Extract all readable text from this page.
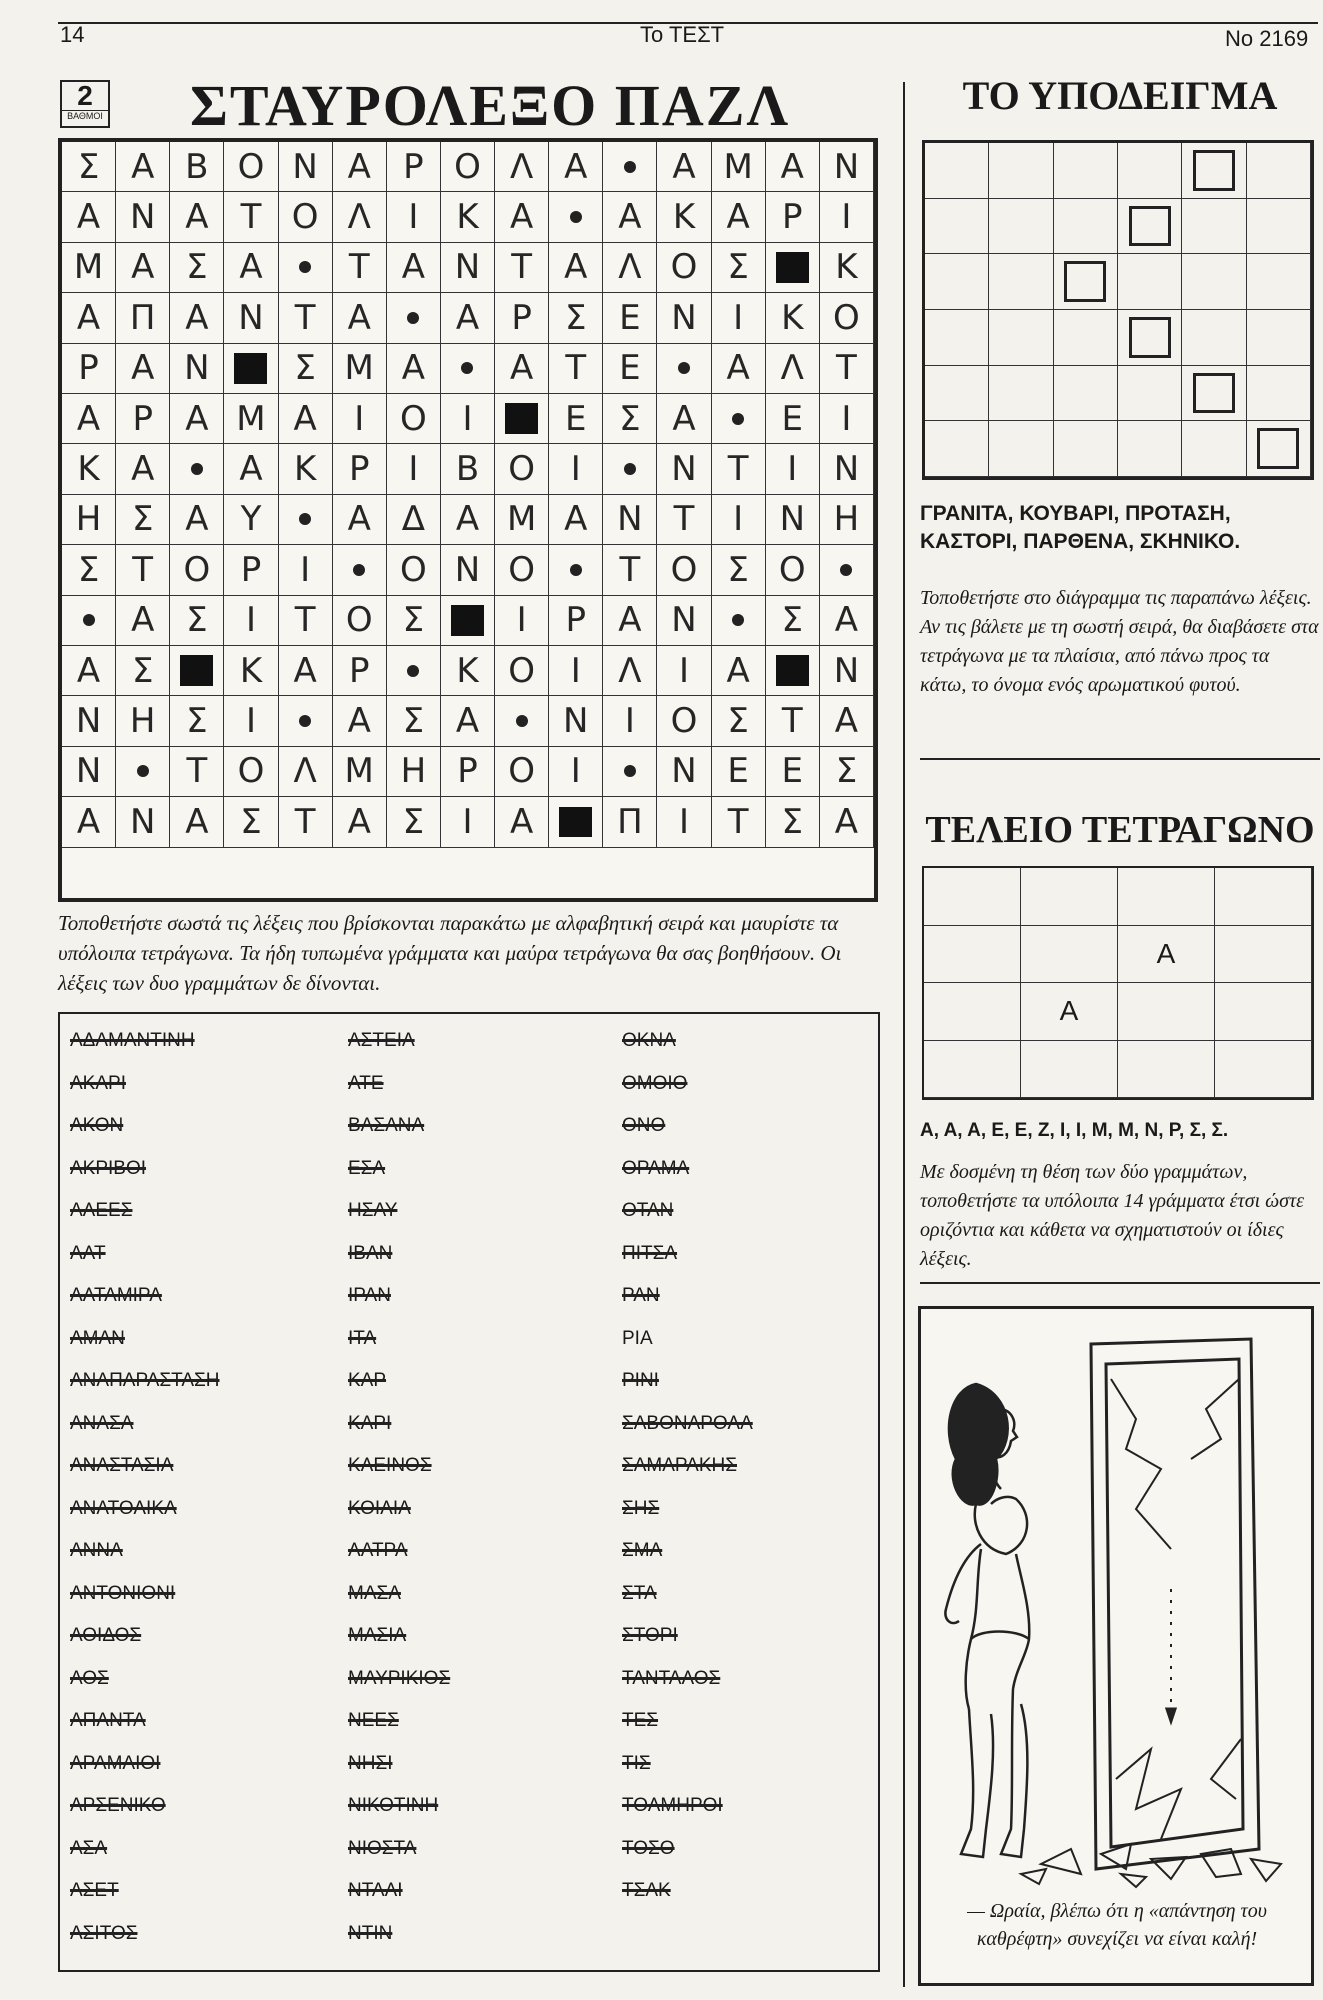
14	Το ΤΕΣΤ	No 2169
2
ΒΑΘΜΟΙ ΣΤΑΥΡΟΛΕΞΟ ΠΑΖΛ
Σ Α Β Ο Ν Α Ρ Ο Λ Α	Α Μ Α Ν
Α Ν Α Τ Ο Λ	Ι	Κ Α	Α Κ Α Ρ	Ι
Μ Α Σ Α	Τ Α Ν Τ Α Λ Ο Σ	Κ
Α Π Α Ν Τ Α	Α Ρ Σ Ε Ν	Ι	Κ Ο
Ρ Α Ν	Σ Μ Α	Α Τ Ε	Α Λ Τ
Α Ρ Α Μ Α	Ι	Ο	Ι	Ε Σ Α	Ε	Ι
Κ Α	Α Κ Ρ	Ι	Β Ο	Ι	Ν Τ	Ι	Ν
Η Σ Α Υ	Α Δ Α Μ Α Ν Τ	Ι	Ν Η
Σ Τ Ο Ρ	Ι	Ο Ν Ο	Τ Ο Σ Ο
Α Σ	Ι	Τ Ο Σ	Ι	Ρ Α Ν	Σ Α
Α Σ	Κ Α Ρ	Κ Ο	Ι	Λ	Ι	Α	Ν
Ν Η Σ	Ι	Α Σ Α	Ν	Ι	Ο Σ Τ Α
Ν	Τ Ο Λ Μ Η Ρ Ο	Ι	Ν Ε Ε Σ
Α Ν Α Σ Τ Α Σ	Ι	Α	Π	Ι	Τ Σ Α
Τοποθετήστε σωστά τις λέξεις που βρίσκονται παρακάτω με αλφαβητική σειρά και μαυρίστε τα υπόλοιπα τετράγωνα. Τα ήδη τυπωμένα γράμματα και μαύρα τετράγωνα θα σας βοηθήσουν. Οι λέξεις των δυο γραμμάτων δε δίνονται.
ΑΔΑΜΑΝΤΙΝΗ
ΑΚΑΡΙ
ΑΚΟΝ
ΑΚΡΙΒΟΙ
ΑΛΕΕΣ
ΑΛΤ
ΑΛΤΑΜΙΡΑ
ΑΜΑΝ
ΑΝΑΠΑΡΑΣΤΑΣΗ
ΑΝΑΣΑ
ΑΝΑΣΤΑΣΙΑ
ΑΝΑΤΟΛΙΚΑ
ΑΝΝΑ
ΑΝΤΟΝΙΟΝΙ
ΑΟΙΔΟΣ
ΑΟΣ
ΑΠΑΝΤΑ
ΑΡΑΜΑΙΟΙ
ΑΡΣΕΝΙΚΟ
ΑΣΑ
ΑΣΕΤ
ΑΣΙΤΟΣ
ΑΣΤΕΙΑ
ΑΤΕ
ΒΑΣΑΝΑ
ΕΣΑ
ΗΣΑΥ
ΙΒΑΝ
ΙΡΑΝ
ΙΤΑ
ΚΑΡ
ΚΑΡΙ
ΚΛΕΙΝΟΣ
ΚΟΙΛΙΑ
ΛΑΤΡΑ
ΜΑΣΑ
ΜΑΣΙΑ
ΜΑΥΡΙΚΙΟΣ
ΝΕΕΣ
ΝΗΣΙ
ΝΙΚΟΤΙΝΗ
ΝΙΟΣΤΑ
ΝΤΑΛΙ
ΝΤΙΝ
ΟΚΝΑ
ΟΜΟΙΟ
ΟΝΟ
ΟΡΑΜΑ
ΟΤΑΝ
ΠΙΤΣΑ
ΡΑΝ
ΡΙΑ
ΡΙΝΙ
ΣΑΒΟΝΑΡΟΛΑ
ΣΑΜΑΡΑΚΗΣ
ΣΗΣ
ΣΜΑ
ΣΤΑ
ΣΤΟΡΙ
ΤΑΝΤΑΛΟΣ
ΤΕΣ
ΤΙΣ
ΤΟΛΜΗΡΟΙ
ΤΟΣΟ
ΤΣΑΚ
ΤΟ ΥΠΟΔΕΙΓΜΑ
ΓΡΑΝΙΤΑ, ΚΟΥΒΑΡΙ, ΠΡΟΤΑΣΗ, ΚΑΣΤΟΡΙ, ΠΑΡΘΕΝΑ, ΣΚΗΝΙΚΟ.
Τοποθετήστε στο διάγραμμα τις παραπάνω λέξεις. Αν τις βάλετε με τη σωστή σειρά, θα διαβάσετε στα τετράγωνα με τα πλαίσια, από πάνω προς τα κάτω, το όνομα ενός αρωματικού φυτού.
ΤΕΛΕΙΟ ΤΕΤΡΑΓΩΝΟ
Α
Α
Α, Α, Α, Ε, Ε, Ζ, Ι, Ι, Μ, Μ, Ν, Ρ, Σ, Σ.
Με δοσμένη τη θέση των δύο γραμμάτων, τοποθετήστε τα υπόλοιπα 14 γράμματα έτσι ώστε οριζόντια και κάθετα να σχηματιστούν οι ίδιες λέξεις.
— Ωραία, βλέπω ότι η «απάντηση του καθρέφτη» συνεχίζει να είναι καλή!
